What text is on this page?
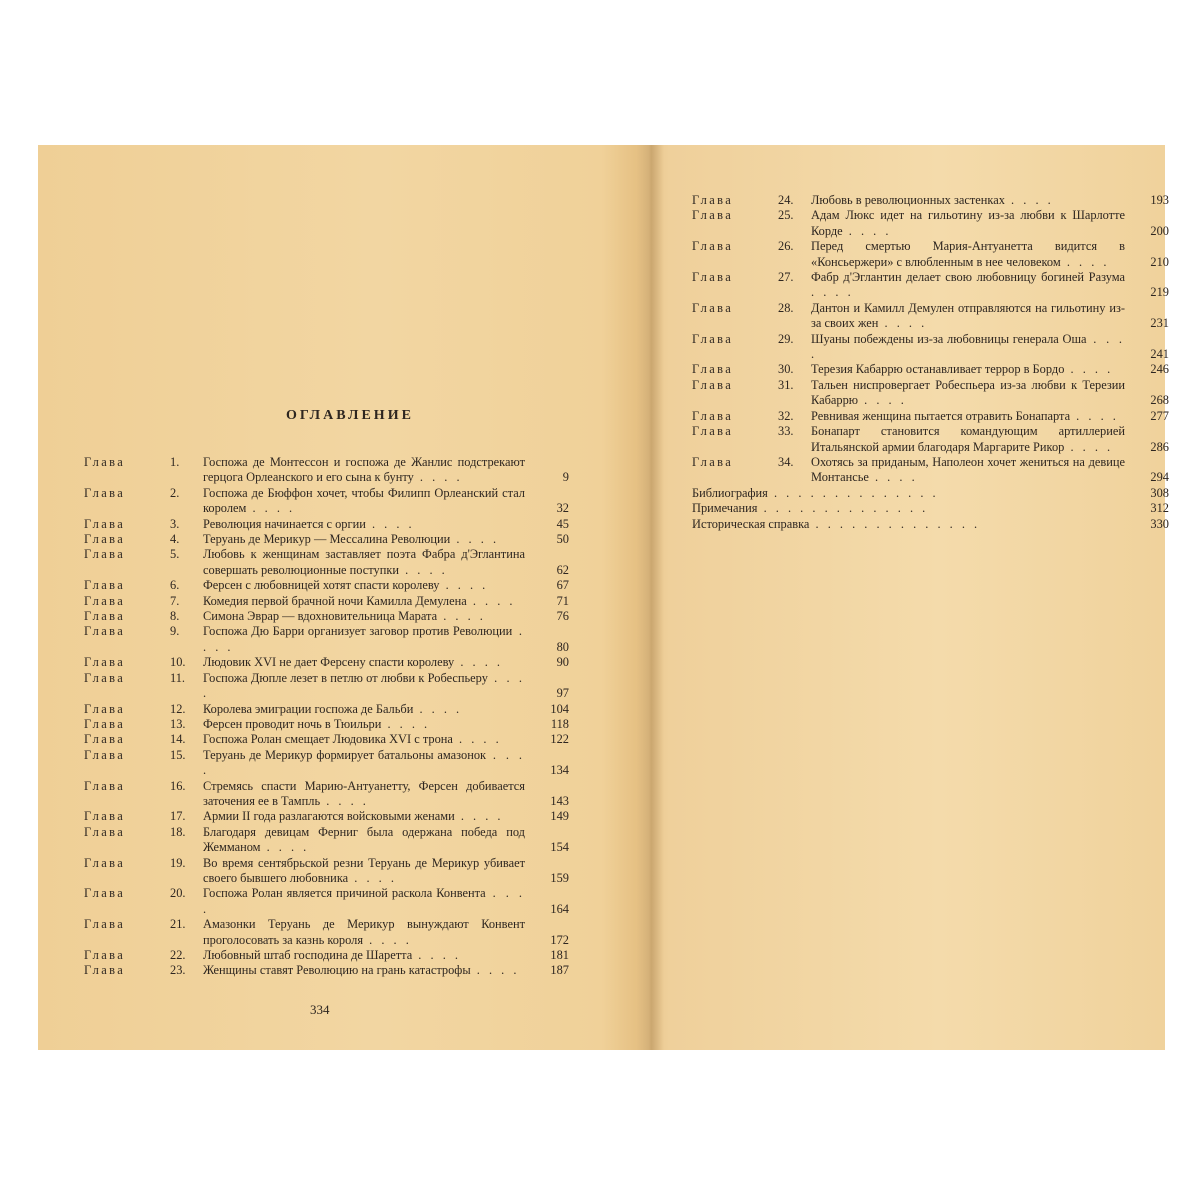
ОГЛАВЛЕНИЕ
Глава	1.	Госпожа де Монтессон и госпожа де Жанлис подстрекают герцога Орлеанского и его сына к бунту . . . .	9
Глава	2.	Госпожа де Бюффон хочет, чтобы Филипп Орлеанский стал королем . . . .	32
Глава	3.	Революция начинается с оргии . . . .	45
Глава	4.	Теруань де Мерикур — Мессалина Революции . . . .	50
Глава	5.	Любовь к женщинам заставляет поэта Фабра д'Эглантина совершать революционные поступки . . . .	62
Глава	6.	Ферсен с любовницей хотят спасти королеву . . . .	67
Глава	7.	Комедия первой брачной ночи Камилла Демулена . . . .	71
Глава	8.	Симона Эврар — вдохновительница Марата . . . .	76
Глава	9.	Госпожа Дю Барри организует заговор против Революции . . . .	80
Глава	10.	Людовик XVI не дает Ферсену спасти королеву . . . .	90
Глава	11.	Госпожа Дюпле лезет в петлю от любви к Робеспьеру . . . .	97
Глава	12.	Королева эмиграции госпожа де Бальби . . . .	104
Глава	13.	Ферсен проводит ночь в Тюильри . . . .	118
Глава	14.	Госпожа Ролан смещает Людовика XVI с трона . . . .	122
Глава	15.	Теруань де Мерикур формирует батальоны амазонок . . . .	134
Глава	16.	Стремясь спасти Марию-Антуанетту, Ферсен добивается заточения ее в Тампль . . . .	143
Глава	17.	Армии II года разлагаются войсковыми женами . . . .	149
Глава	18.	Благодаря девицам Ферниг была одержана победа под Жемманом . . . .	154
Глава	19.	Во время сентябрьской резни Теруань де Мерикур убивает своего бывшего любовника . . . .	159
Глава	20.	Госпожа Ролан является причиной раскола Конвента . . . .	164
Глава	21.	Амазонки Теруань де Мерикур вынуждают Конвент проголосовать за казнь короля . . . .	172
Глава	22.	Любовный штаб господина де Шаретта . . . .	181
Глава	23.	Женщины ставят Революцию на грань катастрофы . . . .	187
334
Глава	24.	Любовь в революционных застенках . . . .	193
Глава	25.	Адам Люкс идет на гильотину из-за любви к Шарлотте Корде . . . .	200
Глава	26.	Перед смертью Мария-Антуанетта видится в «Консьержери» с влюбленным в нее человеком . . . .	210
Глава	27.	Фабр д'Эглантин делает свою любовницу богиней Разума . . . .	219
Глава	28.	Дантон и Камилл Демулен отправляются на гильотину из-за своих жен . . . .	231
Глава	29.	Шуаны побеждены из-за любовницы генерала Оша . . . .	241
Глава	30.	Терезия Кабаррю останавливает террор в Бордо . . . .	246
Глава	31.	Тальен ниспровергает Робеспьера из-за любви к Терезии Кабаррю . . . .	268
Глава	32.	Ревнивая женщина пытается отравить Бонапарта . . . .	277
Глава	33.	Бонапарт становится командующим артиллерией Итальянской армии благодаря Маргарите Рикор . . . .	286
Глава	34.	Охотясь за приданым, Наполеон хочет жениться на девице Монтансье . . . .	294
Библиография . . . . . . . . . . . . . .	308
Примечания . . . . . . . . . . . . . .	312
Историческая справка . . . . . . . . . . . . . .	330
